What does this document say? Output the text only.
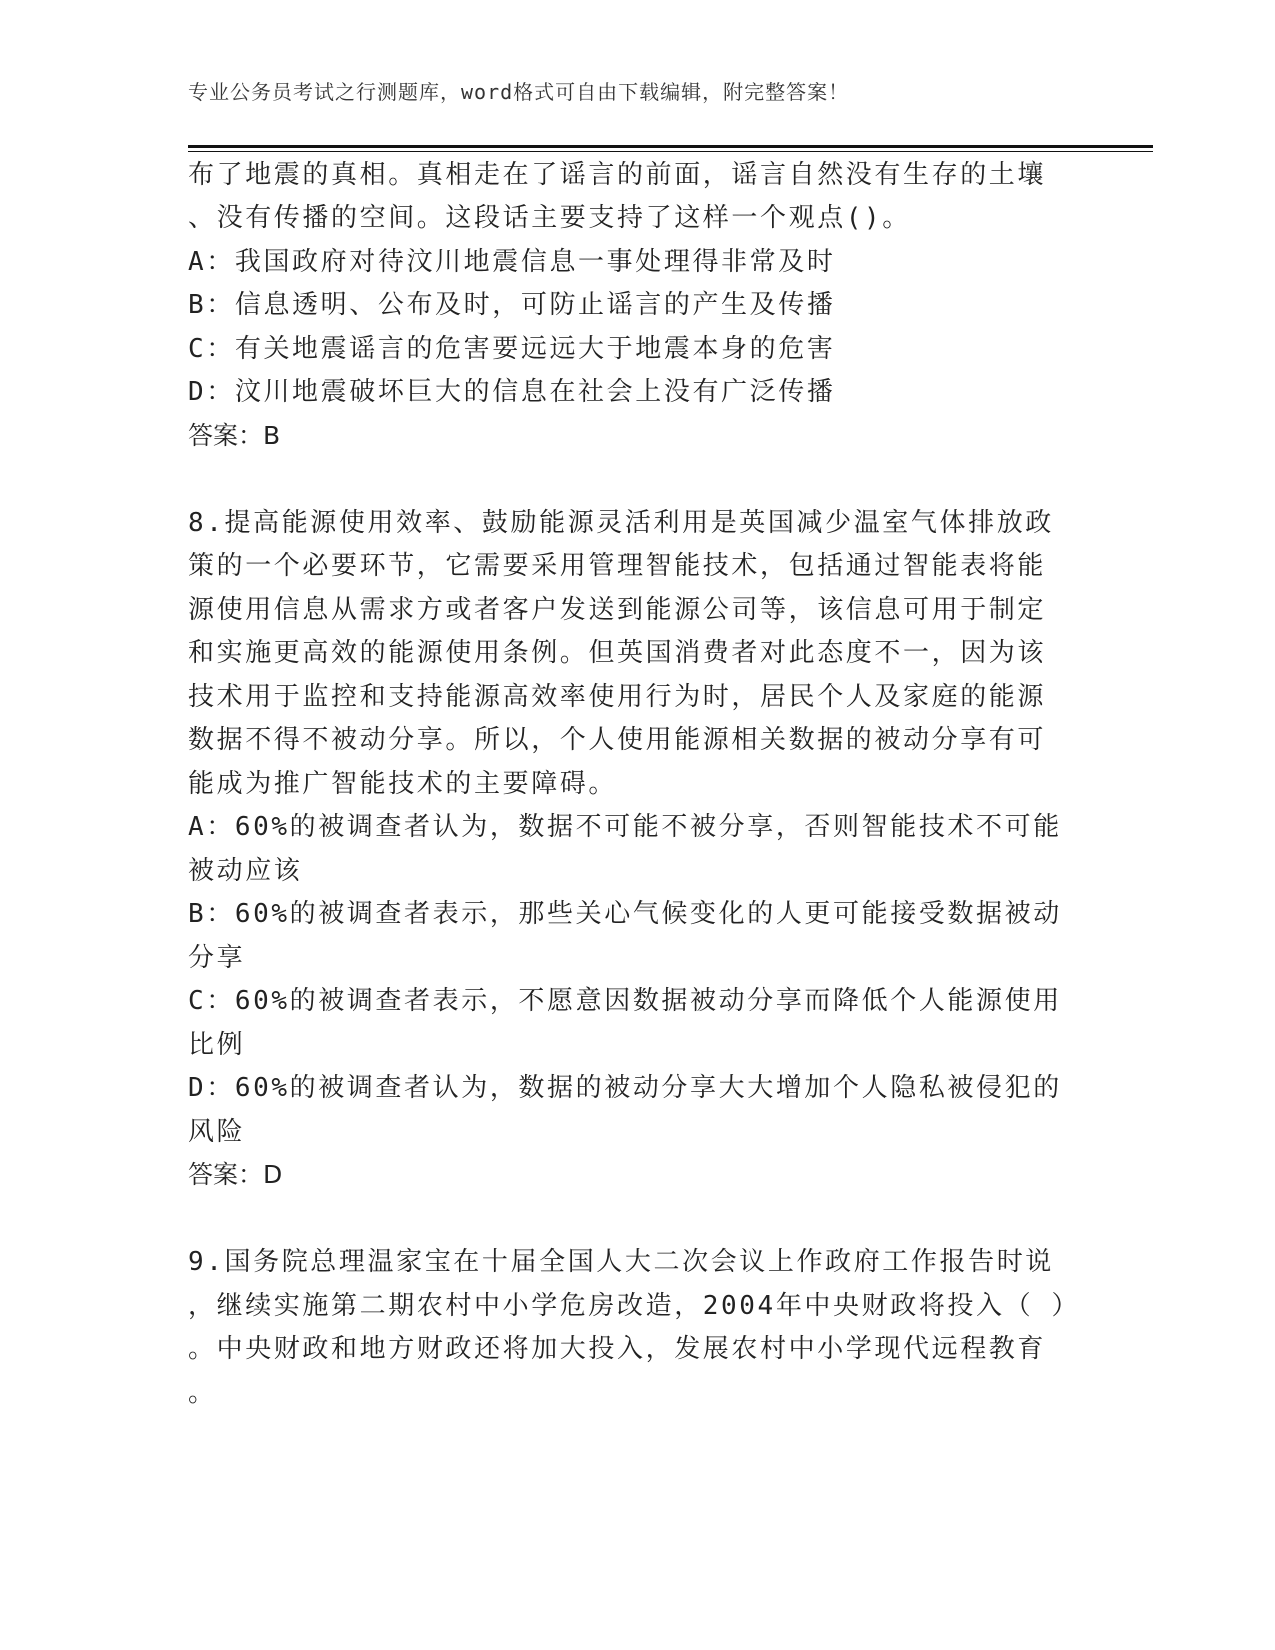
专业公务员考试之行测题库，word格式可自由下载编辑，附完整答案！
布了地震的真相。真相走在了谣言的前面，谣言自然没有生存的土壤
、没有传播的空间。这段话主要支持了这样一个观点()。
A：我国政府对待汶川地震信息一事处理得非常及时
B：信息透明、公布及时，可防止谣言的产生及传播
C：有关地震谣言的危害要远远大于地震本身的危害
D：汶川地震破坏巨大的信息在社会上没有广泛传播
答案：B
8.提高能源使用效率、鼓励能源灵活利用是英国减少温室气体排放政
策的一个必要环节，它需要采用管理智能技术，包括通过智能表将能
源使用信息从需求方或者客户发送到能源公司等，该信息可用于制定
和实施更高效的能源使用条例。但英国消费者对此态度不一，因为该
技术用于监控和支持能源高效率使用行为时，居民个人及家庭的能源
数据不得不被动分享。所以，个人使用能源相关数据的被动分享有可
能成为推广智能技术的主要障碍。
A：60%的被调查者认为，数据不可能不被分享，否则智能技术不可能
被动应该
B：60%的被调查者表示，那些关心气候变化的人更可能接受数据被动
分享
C：60%的被调查者表示，不愿意因数据被动分享而降低个人能源使用
比例
D：60%的被调查者认为，数据的被动分享大大增加个人隐私被侵犯的
风险
答案：D
9.国务院总理温家宝在十届全国人大二次会议上作政府工作报告时说
，继续实施第二期农村中小学危房改造，2004年中央财政将投入（ ）
。中央财政和地方财政还将加大投入，发展农村中小学现代远程教育
。
